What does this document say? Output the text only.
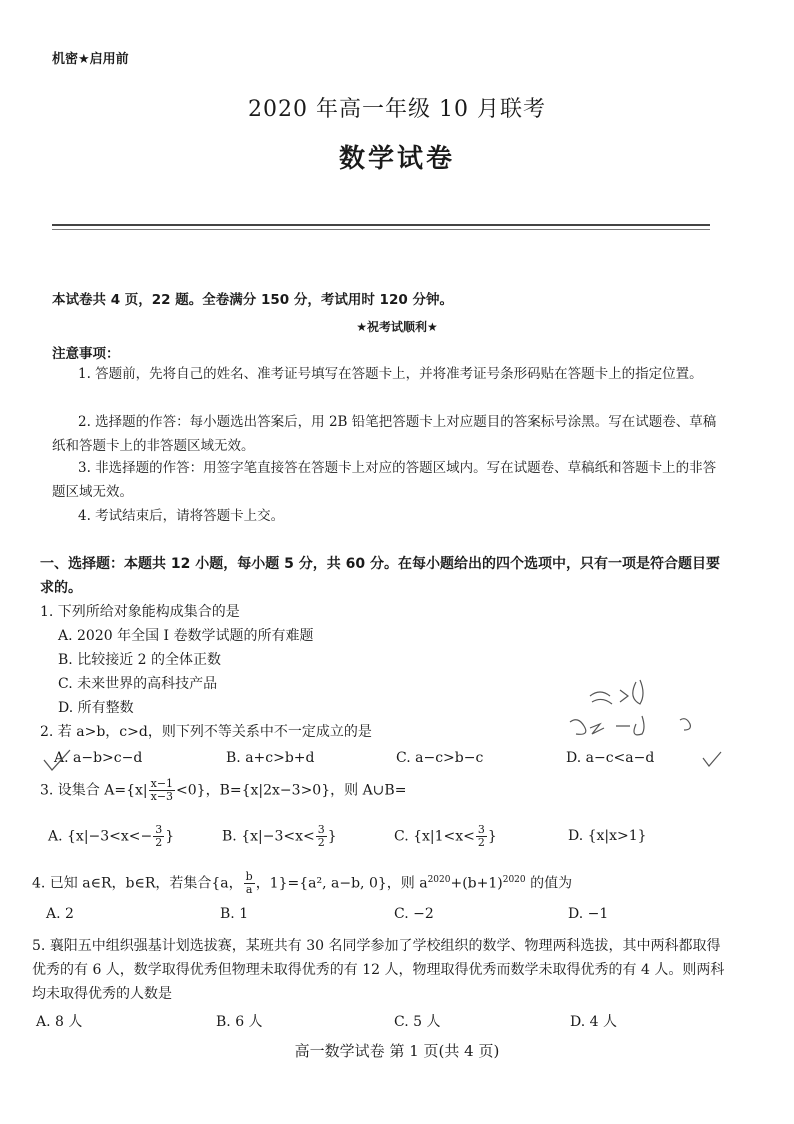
机密★启用前
2020 年高一年级 10 月联考
数学试卷
本试卷共 4 页，22 题。全卷满分 150 分，考试用时 120 分钟。
★祝考试顺利★
注意事项：
1. 答题前，先将自己的姓名、准考证号填写在答题卡上，并将准考证号条形码贴在答题卡上的指定位置。
2. 选择题的作答：每小题选出答案后，用 2B 铅笔把答题卡上对应题目的答案标号涂黑。写在试题卷、草稿纸和答题卡上的非答题区域无效。
3. 非选择题的作答：用签字笔直接答在答题卡上对应的答题区域内。写在试题卷、草稿纸和答题卡上的非答题区域无效。
4. 考试结束后，请将答题卡上交。
一、选择题：本题共 12 小题，每小题 5 分，共 60 分。在每小题给出的四个选项中，只有一项是符合题目要求的。
1. 下列所给对象能构成集合的是
A. 2020 年全国 Ⅰ 卷数学试题的所有难题
B. 比较接近 2 的全体正数
C. 未来世界的高科技产品
D. 所有整数
2. 若 a>b，c>d，则下列不等关系中不一定成立的是
A. a−b>c−d	B. a+c>b+d	C. a−c>b−c	D. a−c<a−d
3. 设集合 $A=\{x| \frac{x-1}{x-3} <0\}$，B={x|2x−3>0}，则 A∪B=
A. {$x|-3<x<- \frac{3}{2}$ }	B. {$x|-3<x< \frac{3}{2}$ }	C. {$x|1<x< \frac{3}{2}$ }	D. {x|x>1}
4. 已知 a∈R，b∈R，若集合{a， $\frac{b}{a}$ ，1}={a², a−b, 0}，则 $a^{2020}+(b+1)^{2020}$ 的值为
A. 2	B. 1	C. −2	D. −1
5. 襄阳五中组织强基计划选拔赛，某班共有 30 名同学参加了学校组织的数学、物理两科选拔，其中两科都取得优秀的有 6 人，数学取得优秀但物理未取得优秀的有 12 人，物理取得优秀而数学未取得优秀的有 4 人。则两科均未取得优秀的人数是
A. 8 人	B. 6 人	C. 5 人	D. 4 人
高一数学试卷 第 1 页(共 4 页)
